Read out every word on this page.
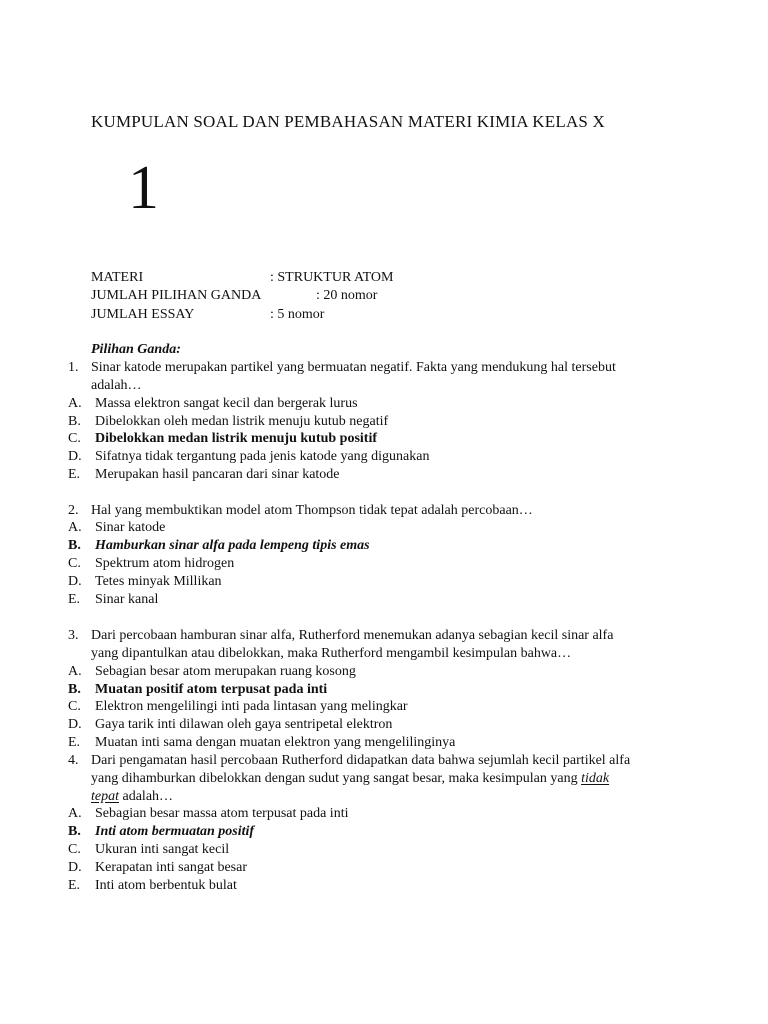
KUMPULAN SOAL DAN PEMBAHASAN MATERI KIMIA KELAS X
1
MATERI	: STRUKTUR ATOM
JUMLAH PILIHAN GANDA	: 20 nomor
JUMLAH ESSAY	: 5 nomor
Pilihan Ganda:
1. Sinar katode merupakan partikel yang bermuatan negatif. Fakta yang mendukung hal tersebut
adalah…
A. Massa elektron sangat kecil dan bergerak lurus
B.	Dibelokkan oleh medan listrik menuju kutub negatif
C.	Dibelokkan medan listrik menuju kutub positif
D. Sifatnya tidak tergantung pada jenis katode yang digunakan
E.	Merupakan hasil pancaran dari sinar katode
2. Hal yang membuktikan model atom Thompson tidak tepat adalah percobaan…
A. Sinar katode
B.	Hamburkan sinar alfa pada lempeng tipis emas
C.	Spektrum atom hidrogen
D. Tetes minyak Millikan
E.	Sinar kanal
3. Dari percobaan hamburan sinar alfa, Rutherford menemukan adanya sebagian kecil sinar alfa
yang dipantulkan atau dibelokkan, maka Rutherford mengambil kesimpulan bahwa…
A. Sebagian besar atom merupakan ruang kosong
B.	Muatan positif atom terpusat pada inti
C.	Elektron mengelilingi inti pada lintasan yang melingkar
D. Gaya tarik inti dilawan oleh gaya sentripetal elektron
E.	Muatan inti sama dengan muatan elektron yang mengelilinginya
4. Dari pengamatan hasil percobaan Rutherford didapatkan data bahwa sejumlah kecil partikel alfa
yang dihamburkan dibelokkan dengan sudut yang sangat besar, maka kesimpulan yang tidak
tepat adalah…
A. Sebagian besar massa atom terpusat pada inti
B.	Inti atom bermuatan positif
C.	Ukuran inti sangat kecil
D. Kerapatan inti sangat besar
E.	Inti atom berbentuk bulat
